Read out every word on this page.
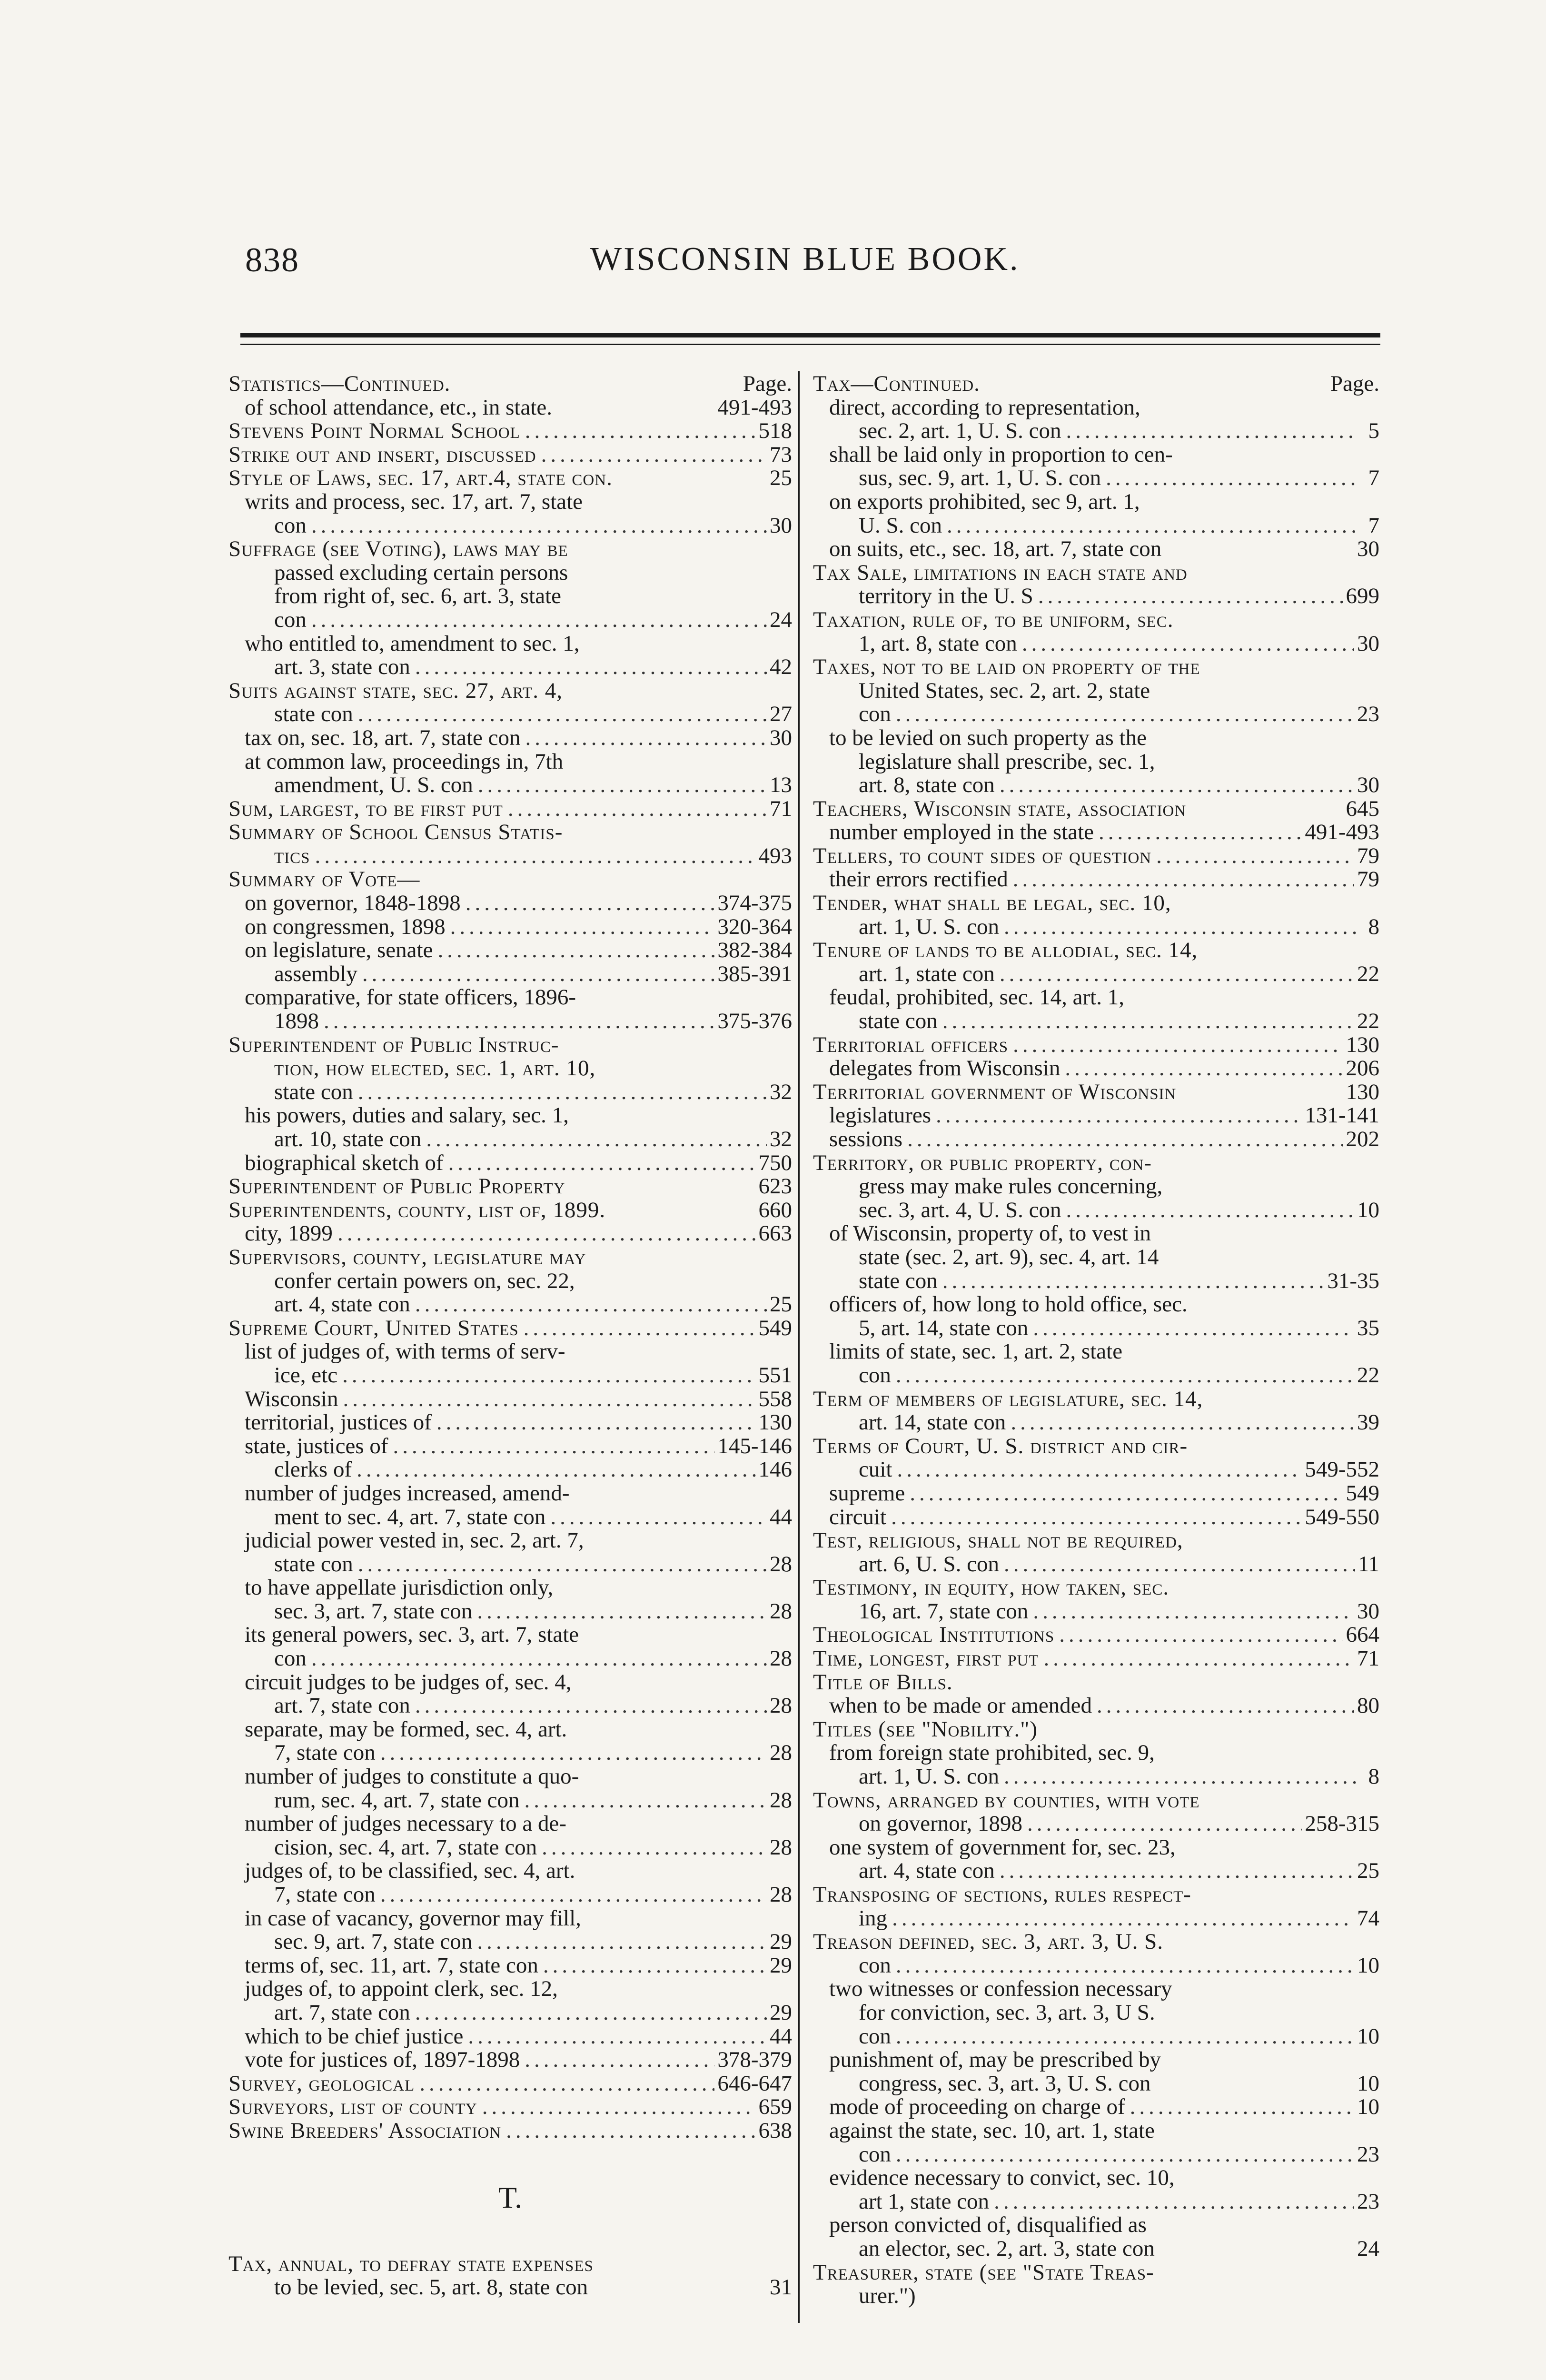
838	WISCONSIN BLUE BOOK.
Statistics—Continued.	Page.
of school attendance, etc., in state.	491-493
Stevens Point Normal School .....	518
Strike out and insert, discussed .....	73
Style of Laws, sec. 17, art.4, state con.	25
writs and process, sec. 17, art. 7, state
con .....	30
Suffrage (see Voting), laws may be
passed excluding certain persons
from right of, sec. 6, art. 3, state
con .....	24
who entitled to, amendment to sec. 1,
art. 3, state con .....	42
Suits against state, sec. 27, art. 4,
state con .....	27
tax on, sec. 18, art. 7, state con .....	30
at common law, proceedings in, 7th
amendment, U. S. con .....	13
Sum, largest, to be first put .....	71
Summary of School Census Statis-
tics .....	493
Summary of Vote—
on governor, 1848-1898 .....	374-375
on congressmen, 1898 .....	320-364
on legislature, senate .....	382-384
assembly .....	385-391
comparative, for state officers, 1896-
1898 .....	375-376
Superintendent of Public Instruc-
tion, how elected, sec. 1, art. 10,
state con .....	32
his powers, duties and salary, sec. 1,
art. 10, state con .....	32
biographical sketch of .....	750
Superintendent of Public Property	623
Superintendents, county, list of, 1899.	660
city, 1899 .....	663
Supervisors, county, legislature may
confer certain powers on, sec. 22,
art. 4, state con .....	25
Supreme Court, United States .....	549
list of judges of, with terms of serv-
ice, etc .....	551
Wisconsin .....	558
territorial, justices of .....	130
state, justices of .....	145-146
clerks of .....	146
number of judges increased, amend-
ment to sec. 4, art. 7, state con .....	44
judicial power vested in, sec. 2, art. 7,
state con .....	28
to have appellate jurisdiction only,
sec. 3, art. 7, state con .....	28
its general powers, sec. 3, art. 7, state
con .....	28
circuit judges to be judges of, sec. 4,
art. 7, state con .....	28
separate, may be formed, sec. 4, art.
7, state con .....	28
number of judges to constitute a quo-
rum, sec. 4, art. 7, state con .....	28
number of judges necessary to a de-
cision, sec. 4, art. 7, state con .....	28
judges of, to be classified, sec. 4, art.
7, state con .....	28
in case of vacancy, governor may fill,
sec. 9, art. 7, state con .....	29
terms of, sec. 11, art. 7, state con .....	29
judges of, to appoint clerk, sec. 12,
art. 7, state con .....	29
which to be chief justice .....	44
vote for justices of, 1897-1898 .....	378-379
Survey, geological .....	646-647
Surveyors, list of county .....	659
Swine Breeders' Association .....	638
T.
Tax, annual, to defray state expenses
to be levied, sec. 5, art. 8, state con	31
Tax—Continued.	Page.
direct, according to representation,
sec. 2, art. 1, U. S. con .....	5
shall be laid only in proportion to cen-
sus, sec. 9, art. 1, U. S. con .....	7
on exports prohibited, sec 9, art. 1,
U. S. con .....	7
on suits, etc., sec. 18, art. 7, state con	30
Tax Sale, limitations in each state and
territory in the U. S .....	699
Taxation, rule of, to be uniform, sec.
1, art. 8, state con .....	30
Taxes, not to be laid on property of the
United States, sec. 2, art. 2, state
con .....	23
to be levied on such property as the
legislature shall prescribe, sec. 1,
art. 8, state con .....	30
Teachers, Wisconsin state, association	645
number employed in the state .....	491-493
Tellers, to count sides of question .....	79
their errors rectified .....	79
Tender, what shall be legal, sec. 10,
art. 1, U. S. con .....	8
Tenure of lands to be allodial, sec. 14,
art. 1, state con .....	22
feudal, prohibited, sec. 14, art. 1,
state con .....	22
Territorial officers .....	130
delegates from Wisconsin .....	206
Territorial government of Wisconsin	130
legislatures .....	131-141
sessions .....	202
Territory, or public property, con-
gress may make rules concerning,
sec. 3, art. 4, U. S. con .....	10
of Wisconsin, property of, to vest in
state (sec. 2, art. 9), sec. 4, art. 14
state con .....	31-35
officers of, how long to hold office, sec.
5, art. 14, state con .....	35
limits of state, sec. 1, art. 2, state
con .....	22
Term of members of legislature, sec. 14,
art. 14, state con .....	39
Terms of Court, U. S. district and cir-
cuit .....	549-552
supreme .....	549
circuit .....	549-550
Test, religious, shall not be required,
art. 6, U. S. con .....	11
Testimony, in equity, how taken, sec.
16, art. 7, state con .....	30
Theological Institutions .....	664
Time, longest, first put .....	71
Title of Bills.
when to be made or amended .....	80
Titles (see "Nobility.")
from foreign state prohibited, sec. 9,
art. 1, U. S. con .....	8
Towns, arranged by counties, with vote
on governor, 1898 .....	258-315
one system of government for, sec. 23,
art. 4, state con .....	25
Transposing of sections, rules respect-
ing .....	74
Treason defined, sec. 3, art. 3, U. S.
con .....	10
two witnesses or confession necessary
for conviction, sec. 3, art. 3, U S.
con .....	10
punishment of, may be prescribed by
congress, sec. 3, art. 3, U. S. con	10
mode of proceeding on charge of .....	10
against the state, sec. 10, art. 1, state
con .....	23
evidence necessary to convict, sec. 10,
art 1, state con .....	23
person convicted of, disqualified as
an elector, sec. 2, art. 3, state con	24
Treasurer, state (see "State Treas-
urer.")
